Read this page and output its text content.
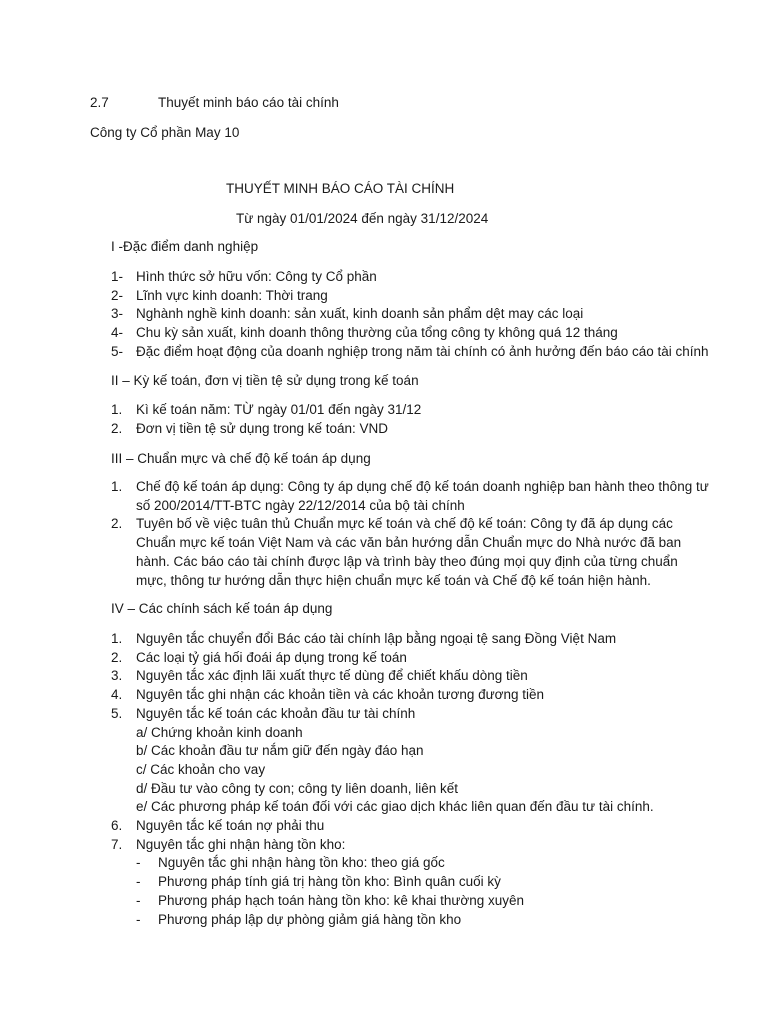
2.7	Thuyết minh báo cáo tài chính
Công ty Cổ phần May 10
THUYẾT MINH BÁO CÁO TÀI CHÍNH
Từ ngày 01/01/2024 đến ngày 31/12/2024
I -Đặc điểm danh nghiệp
1- Hình thức sở hữu vốn: Công ty Cổ phần
2- Lĩnh vực kinh doanh: Thời trang
3- Nghành nghề kinh doanh: sản xuất, kinh doanh sản phẩm dệt may các loại
4- Chu kỳ sản xuất, kinh doanh thông thường của tổng công ty không quá 12 tháng
5- Đặc điểm hoạt động của doanh nghiệp trong năm tài chính có ảnh hưởng đến báo cáo tài chính
II – Kỳ kế toán, đơn vị tiền tệ sử dụng trong kế toán
1. Kì kế toán năm: TỪ ngày 01/01 đến ngày 31/12
2. Đơn vị tiền tệ sử dụng trong kế toán: VND
III – Chuẩn mực và chế độ kế toán áp dụng
1. Chế độ kế toán áp dụng: Công ty áp dụng chế độ kế toán doanh nghiệp ban hành theo thông tư số 200/2014/TT-BTC ngày 22/12/2014 của bộ tài chính
2. Tuyên bố về việc tuân thủ Chuẩn mực kế toán và chế độ kế toán: Công ty đã áp dụng các Chuẩn mực kế toán Việt Nam và các văn bản hướng dẫn Chuẩn mực do Nhà nước đã ban hành. Các báo cáo tài chính được lập và trình bày theo đúng mọi quy định của từng chuẩn mực, thông tư hướng dẫn thực hiện chuẩn mực kế toán và Chế độ kế toán hiện hành.
IV – Các chính sách kế toán áp dụng
1. Nguyên tắc chuyển đổi Bác cáo tài chính lập bằng ngoại tệ sang Đồng Việt Nam
2. Các loại tỷ giá hối đoái áp dụng trong kế toán
3. Nguyên tắc xác định lãi xuất thực tế dùng để chiết khấu dòng tiền
4. Nguyên tắc ghi nhận các khoản tiền và các khoản tương đương tiền
5. Nguyên tắc kế toán các khoản đầu tư tài chính
a/ Chứng khoản kinh doanh
b/ Các khoản đầu tư nắm giữ đến ngày đáo hạn
c/ Các khoản cho vay
d/ Đầu tư vào công ty con; công ty liên doanh, liên kết
e/ Các phương pháp kế toán đối với các giao dịch khác liên quan đến đầu tư tài chính.
6. Nguyên tắc kế toán nợ phải thu
7. Nguyên tắc ghi nhận hàng tồn kho:
- Nguyên tắc ghi nhận hàng tồn kho: theo giá gốc
- Phương pháp tính giá trị hàng tồn kho: Bình quân cuối kỳ
- Phương pháp hạch toán hàng tồn kho: kê khai thường xuyên
- Phương pháp lập dự phòng giảm giá hàng tồn kho
